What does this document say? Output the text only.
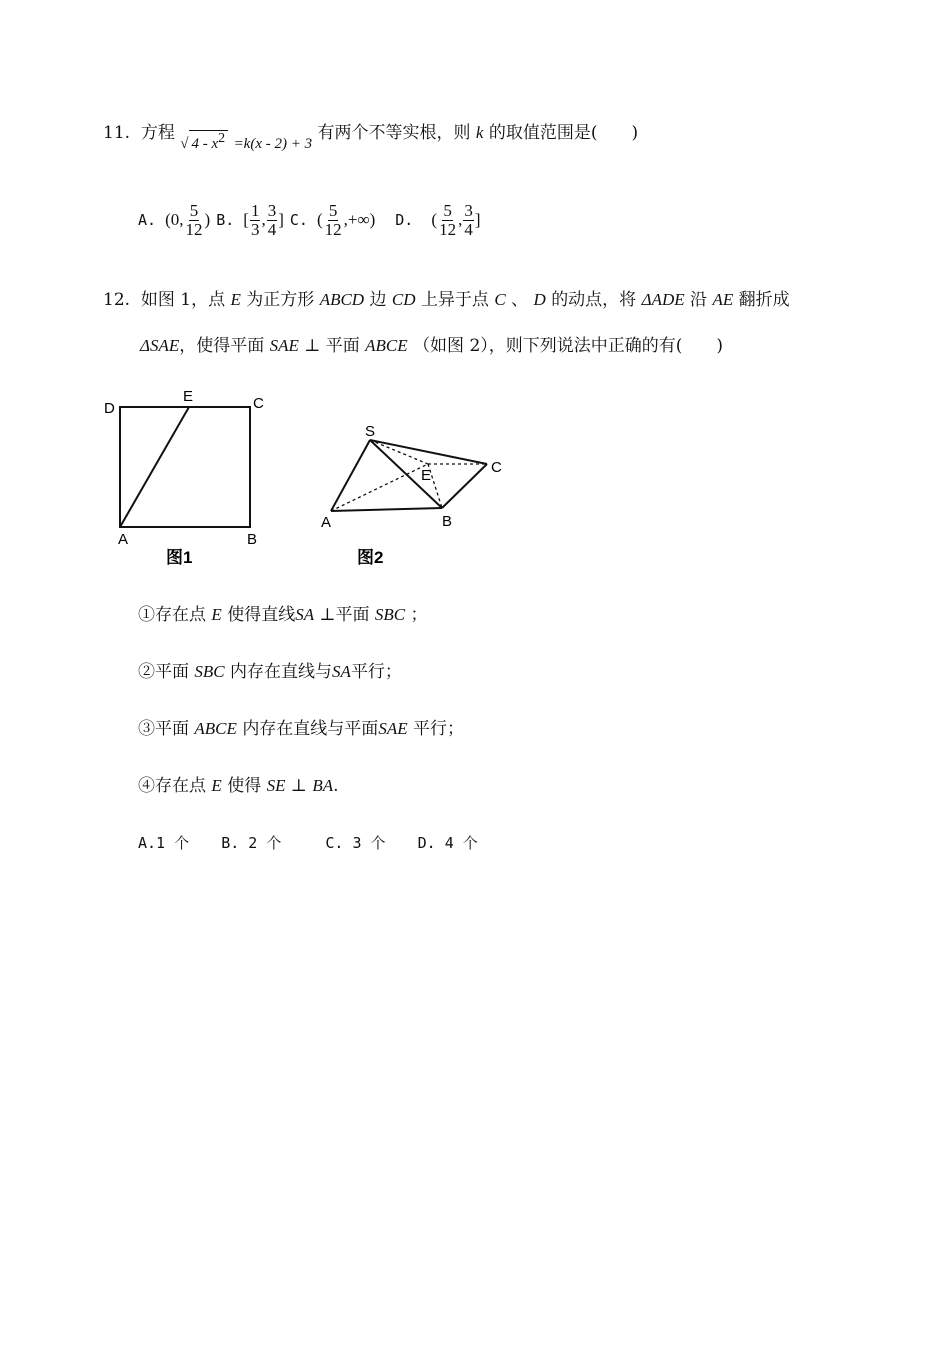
11. 方程 √ $4 - x^2 =k(x - 2) + 3$ 有两个不等实根，则 k 的取值范围是(　　)
A.
(0, $\frac{5}{12}$ ) B.
[ $\frac{1}{3}$ , $\frac{3}{4}$ ] C.
( $\frac{5}{12}$ ,+∞) D.
( $\frac{5}{12}$ , $\frac{3}{4}$ ]
12. 如图 1，点 E 为正方形 ABCD 边 CD 上异于点 C 、 D 的动点，将 ΔADE 沿 AE 翻折成
ΔSAE，使得平面 SAE ⊥ 平面 ABCE （如图 2），则下列说法中正确的有(　　)
D
E	C
A	B
图1
S
E	C
A	B
图2
①存在点 E 使得直线SA ⊥平面 SBC ；
②平面 SBC 内存在直线与SA平行；
③平面 ABCE 内存在直线与平面SAE 平行；
④存在点 E 使得 SE ⊥ BA.
A.1 个 B. 2 个	C. 3 个 D. 4 个
